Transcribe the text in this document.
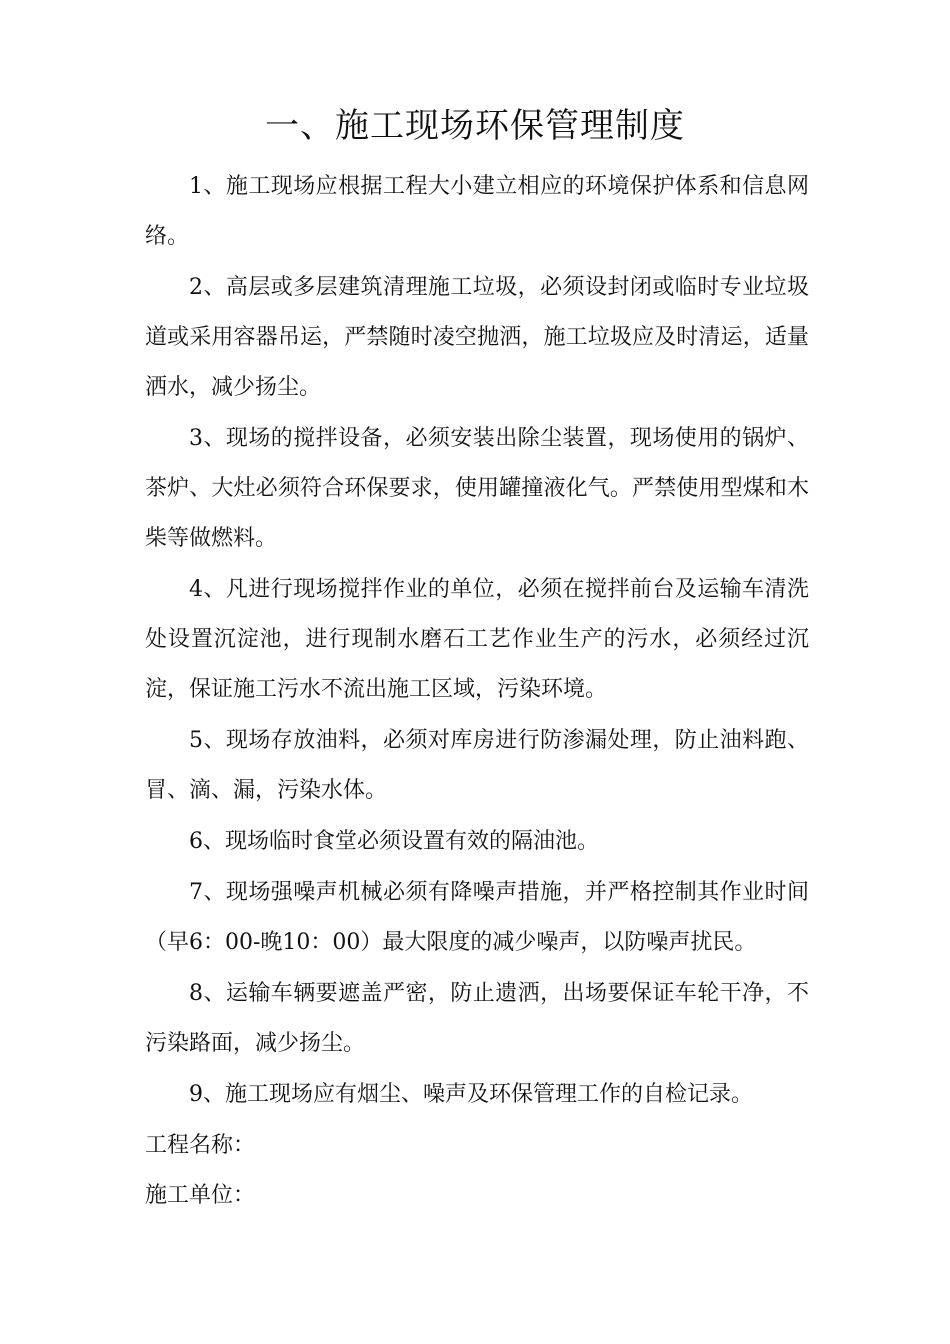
一、施工现场环保管理制度

1、施工现场应根据工程大小建立相应的环境保护体系和信息网络。

2、高层或多层建筑清理施工垃圾，必须设封闭或临时专业垃圾道或采用容器吊运，严禁随时凌空抛洒，施工垃圾应及时清运，适量洒水，减少扬尘。

3、现场的搅拌设备，必须安装出除尘装置，现场使用的锅炉、茶炉、大灶必须符合环保要求，使用罐撞液化气。严禁使用型煤和木柴等做燃料。

4、凡进行现场搅拌作业的单位，必须在搅拌前台及运输车清洗处设置沉淀池，进行现制水磨石工艺作业生产的污水，必须经过沉淀，保证施工污水不流出施工区域，污染环境。

5、现场存放油料，必须对库房进行防渗漏处理，防止油料跑、冒、滴、漏，污染水体。

6、现场临时食堂必须设置有效的隔油池。

7、现场强噪声机械必须有降噪声措施，并严格控制其作业时间（早6：00-晚10：00）最大限度的减少噪声，以防噪声扰民。

8、运输车辆要遮盖严密，防止遗洒，出场要保证车轮干净，不污染路面，减少扬尘。

9、施工现场应有烟尘、噪声及环保管理工作的自检记录。

工程名称：

施工单位：
